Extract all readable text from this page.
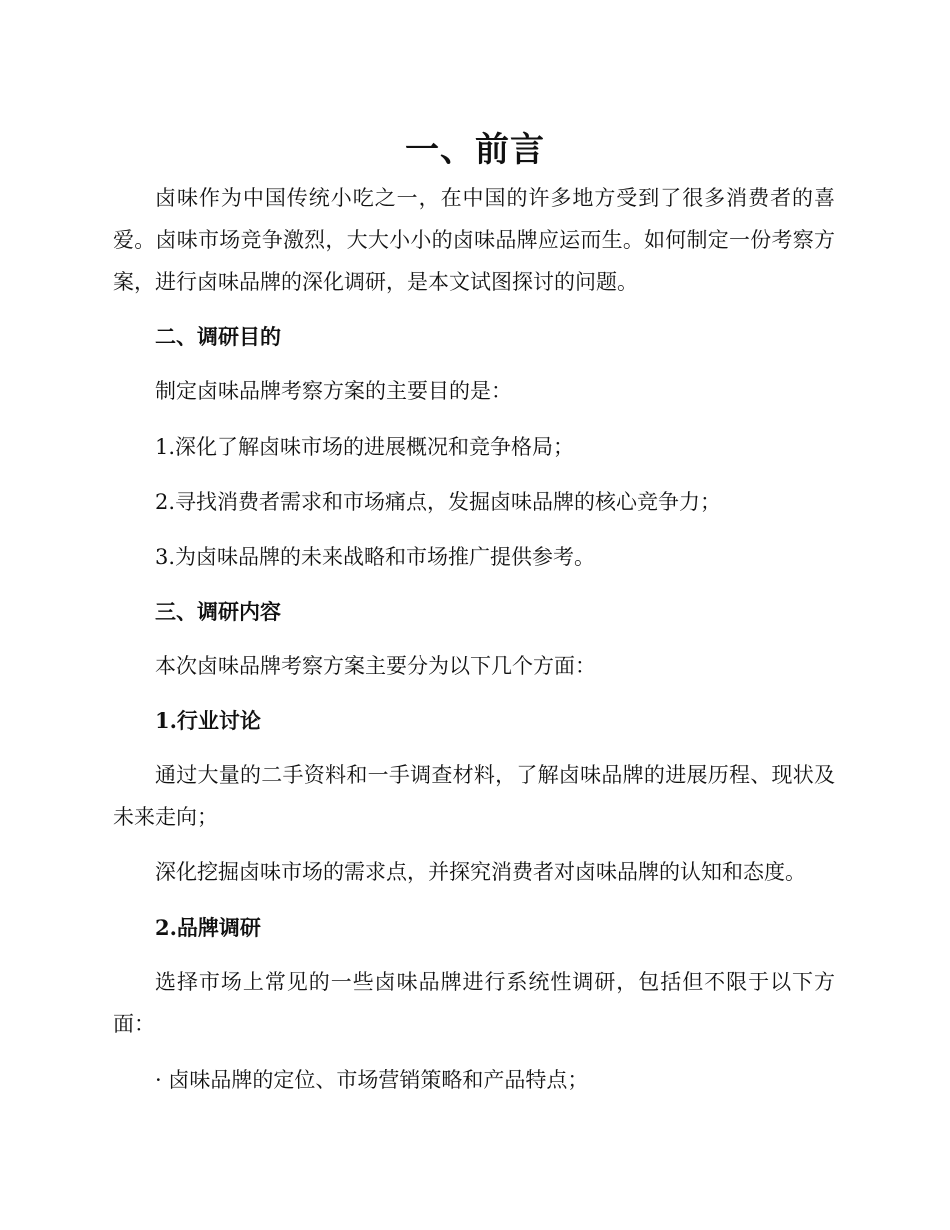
一、前言

卤味作为中国传统小吃之一，在中国的许多地方受到了很多消费者的喜爱。卤味市场竞争激烈，大大小小的卤味品牌应运而生。如何制定一份考察方案，进行卤味品牌的深化调研，是本文试图探讨的问题。

二、调研目的

制定卤味品牌考察方案的主要目的是：

1.深化了解卤味市场的进展概况和竞争格局；

2.寻找消费者需求和市场痛点，发掘卤味品牌的核心竞争力；

3.为卤味品牌的未来战略和市场推广提供参考。

三、调研内容

本次卤味品牌考察方案主要分为以下几个方面：

1.行业讨论

通过大量的二手资料和一手调查材料，了解卤味品牌的进展历程、现状及未来走向；

深化挖掘卤味市场的需求点，并探究消费者对卤味品牌的认知和态度。

2.品牌调研

选择市场上常见的一些卤味品牌进行系统性调研，包括但不限于以下方面：

· 卤味品牌的定位、市场营销策略和产品特点；
